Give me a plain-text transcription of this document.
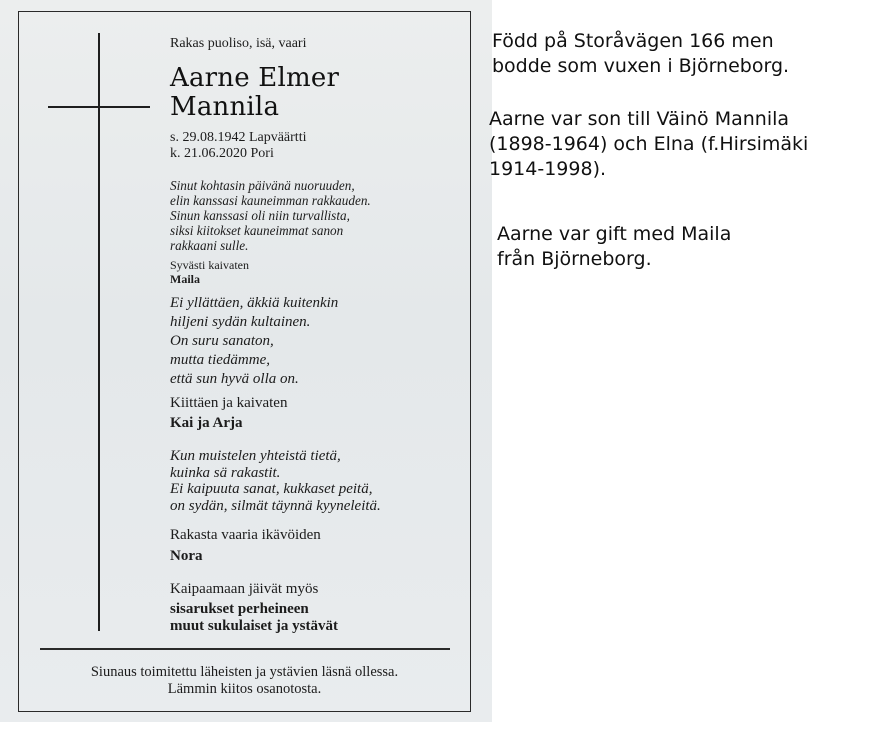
Rakas puoliso, isä, vaari

Aarne Elmer
Mannila

s. 29.08.1942 Lapväärtti
k. 21.06.2020 Pori

Sinut kohtasin päivänä nuoruuden,
elin kanssasi kauneimman rakkauden.
Sinun kanssasi oli niin turvallista,
siksi kiitokset kauneimmat sanon
rakkaani sulle.

Syvästi kaivaten

Maila

Ei yllättäen, äkkiä kuitenkin
hiljeni sydän kultainen.
On suru sanaton,
mutta tiedämme,
että sun hyvä olla on.

Kiittäen ja kaivaten

Kai ja Arja

Kun muistelen yhteistä tietä,
kuinka sä rakastit.
Ei kaipuuta sanat, kukkaset peitä,
on sydän, silmät täynnä kyyneleitä.

Rakasta vaaria ikävöiden

Nora

Kaipaamaan jäivät myös

sisarukset perheineen
muut sukulaiset ja ystävät

Siunaus toimitettu läheisten ja ystävien läsnä ollessa.
Lämmin kiitos osanotosta.

Född på Storåvägen 166 men
bodde som vuxen i Björneborg.

Aarne var son till Väinö Mannila
(1898-1964) och Elna (f.Hirsimäki
1914-1998).

Aarne var gift med Maila
från Björneborg.
